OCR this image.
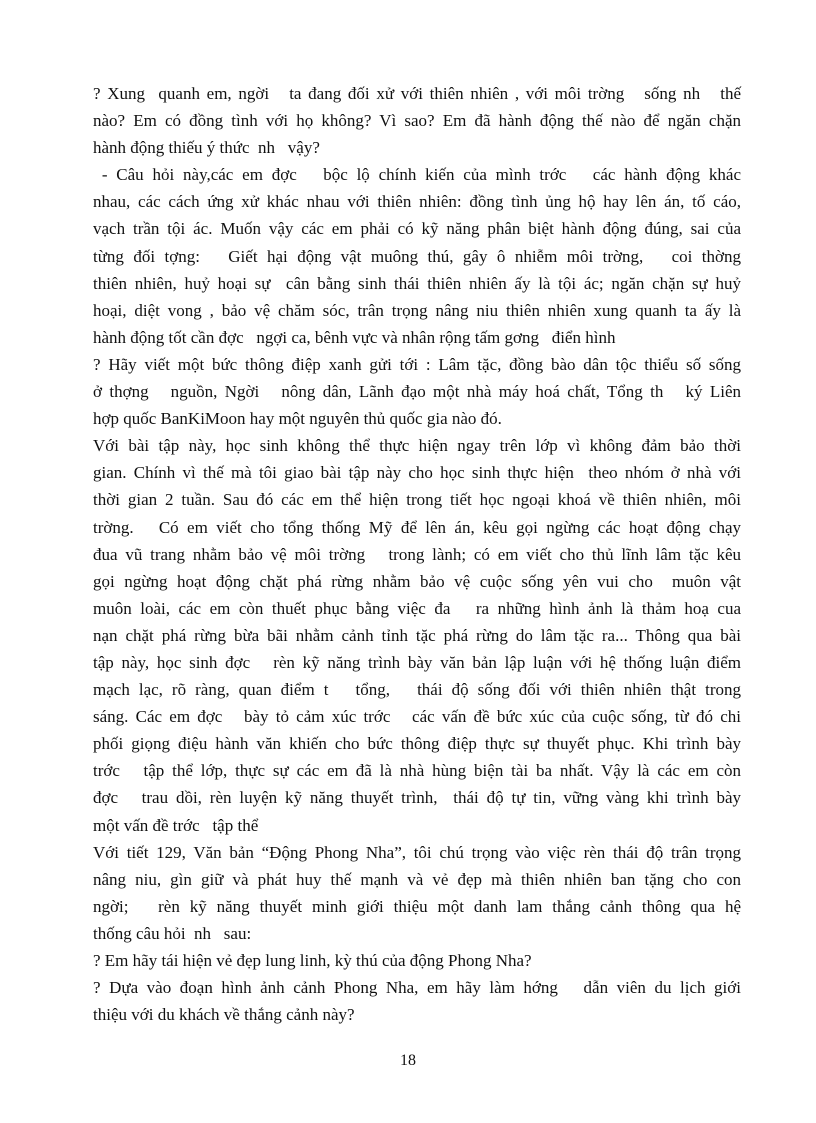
? Xung  quanh em, ngời   ta đang đối xử với thiên nhiên , với môi trờng   sống nh   thế
nào? Em có đồng tình với họ không? Vì sao? Em đã hành động thế nào để ngăn chặn
hành động thiếu ý thức  nh   vậy?
- Câu hỏi này,các em đợc   bộc lộ chính kiến của mình trớc   các hành động khác
nhau, các cách ứng xử khác nhau với thiên nhiên: đồng tình ủng hộ hay lên án, tố cáo,
vạch trần tội ác. Muốn vậy các em phải có kỹ năng phân biệt hành động đúng, sai của
từng đối tợng:   Giết hại động vật muông thú, gây ô nhiễm môi trờng,   coi thờng
thiên nhiên, huỷ hoại sự  cân bằng sinh thái thiên nhiên ấy là tội ác; ngăn chặn sự huỷ
hoại, diệt vong , bảo vệ chăm sóc, trân trọng nâng niu thiên nhiên xung quanh ta ấy là
hành động tốt cần đợc   ngợi ca, bênh vực và nhân rộng tấm gơng   điển hình
? Hãy viết một bức thông điệp xanh gửi tới : Lâm tặc, đồng bào dân tộc thiểu số sống
ở thợng   nguồn, Ngời   nông dân, Lãnh đạo một nhà máy hoá chất, Tổng th   ký Liên
hợp quốc BanKiMoon hay một nguyên thủ quốc gia nào đó.
Với bài tập này, học sinh không thể thực hiện ngay trên lớp vì không đảm bảo thời
gian. Chính vì thế mà tôi giao bài tập này cho học sinh thực hiện  theo nhóm ở nhà với
thời gian 2 tuần. Sau đó các em thể hiện trong tiết học ngoại khoá về thiên nhiên, môi
trờng.   Có em viết cho tổng thống Mỹ để lên án, kêu gọi ngừng các hoạt động chạy
đua vũ trang nhằm bảo vệ môi trờng   trong lành; có em viết cho thủ lĩnh lâm tặc kêu
gọi ngừng hoạt động chặt phá rừng nhằm bảo vệ cuộc sống yên vui cho  muôn vật
muôn loài, các em còn thuết phục bằng việc đa   ra những hình ảnh là thảm hoạ cua
nạn chặt phá rừng bừa bãi nhằm cảnh tỉnh tặc phá rừng do lâm tặc ra... Thông qua bài
tập này, học sinh đợc   rèn kỹ năng trình bày văn bản lập luận với hệ thống luận điểm
mạch lạc, rõ ràng, quan điểm t   tổng,   thái độ sống đối với thiên nhiên thật trong
sáng. Các em đợc   bày tỏ cảm xúc trớc   các vấn đề bức xúc của cuộc sống, từ đó chi
phối giọng điệu hành văn khiến cho bức thông điệp thực sự thuyết phục. Khi trình bày
trớc   tập thể lớp, thực sự các em đã là nhà hùng biện tài ba nhất. Vậy là các em còn
đợc   trau dồi, rèn luyện kỹ năng thuyết trình,  thái độ tự tin, vững vàng khi trình bày
một vấn đề trớc   tập thể
Với tiết 129, Văn bản “Động Phong Nha”, tôi chú trọng vào việc rèn thái độ trân trọng
nâng niu, gìn giữ và phát huy thế mạnh và vẻ đẹp mà thiên nhiên ban tặng cho con
ngời;   rèn kỹ năng thuyết minh giới thiệu một danh lam thắng cảnh thông qua hệ
thống câu hỏi  nh   sau:
? Em hãy tái hiện vẻ đẹp lung linh, kỳ thú của động Phong Nha?
? Dựa vào đoạn hình ảnh cảnh Phong Nha, em hãy làm hớng   dẫn viên du lịch giới
thiệu với du khách về thắng cảnh này?
18
